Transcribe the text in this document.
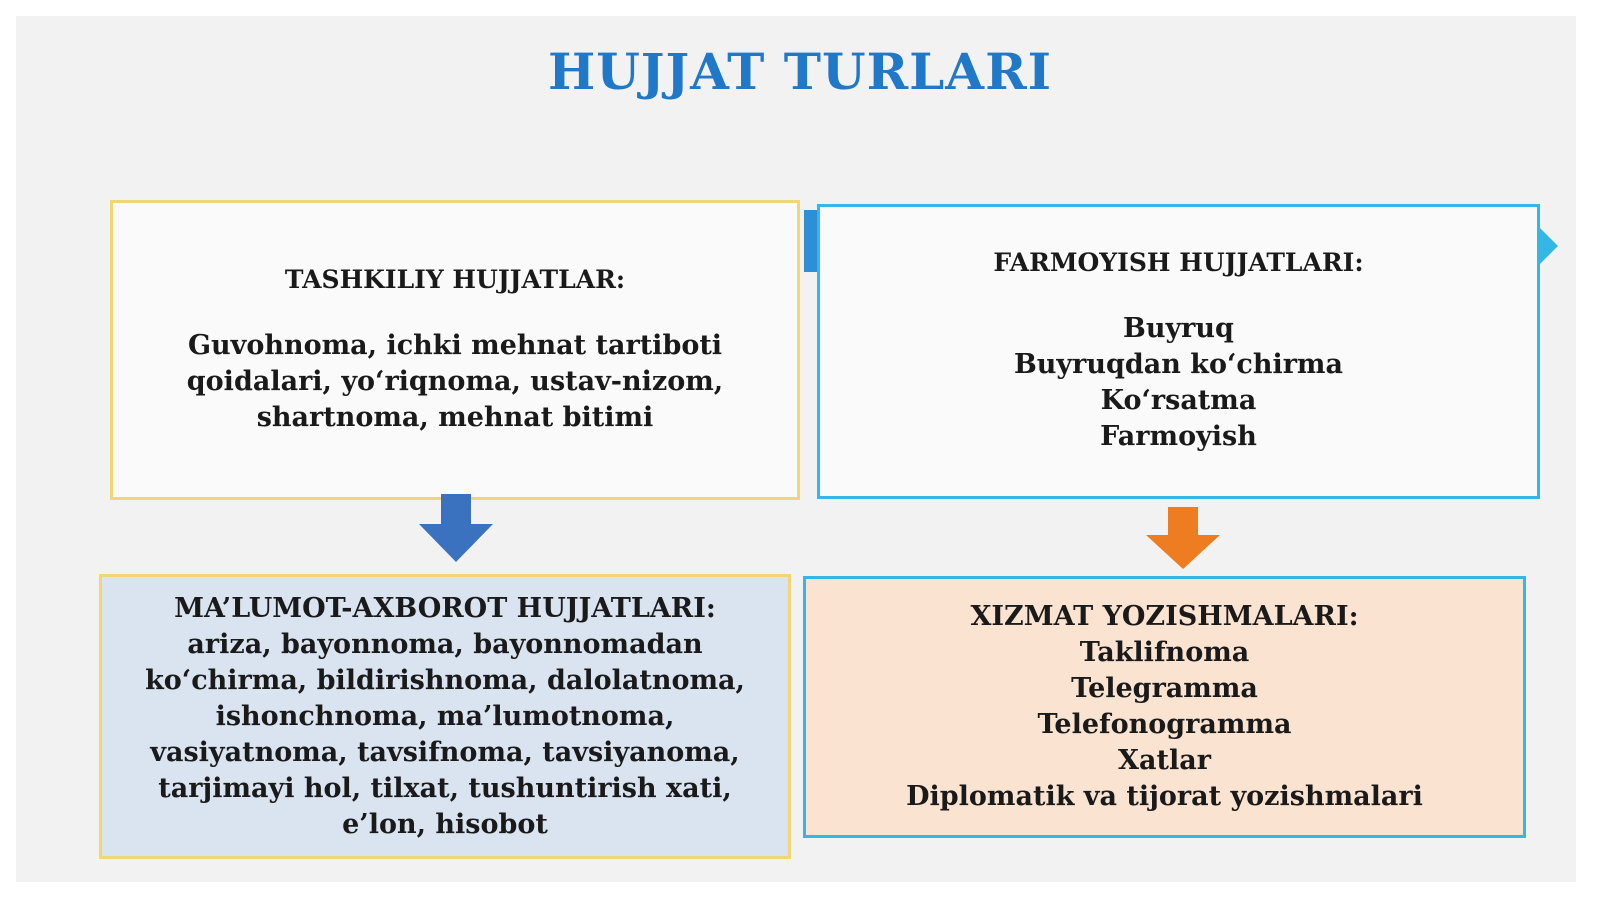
HUJJAT TURLARI
TASHKILIY HUJJATLAR:
Guvohnoma, ichki mehnat tartiboti
qoidalari, yo‘riqnoma, ustav-nizom,
shartnoma, mehnat bitimi
FARMOYISH HUJJATLARI:
Buyruq
Buyruqdan ko‘chirma
Ko‘rsatma
Farmoyish
MA’LUMOT-AXBOROT HUJJATLARI:
ariza, bayonnoma, bayonnomadan
ko‘chirma, bildirishnoma, dalolatnoma,
ishonchnoma, ma’lumotnoma,
vasiyatnoma, tavsifnoma, tavsiyanoma,
tarjimayi hol, tilxat, tushuntirish xati,
e’lon, hisobot
XIZMAT YOZISHMALARI:
Taklifnoma
Telegramma
Telefonogramma
Xatlar
Diplomatik va tijorat yozishmalari
